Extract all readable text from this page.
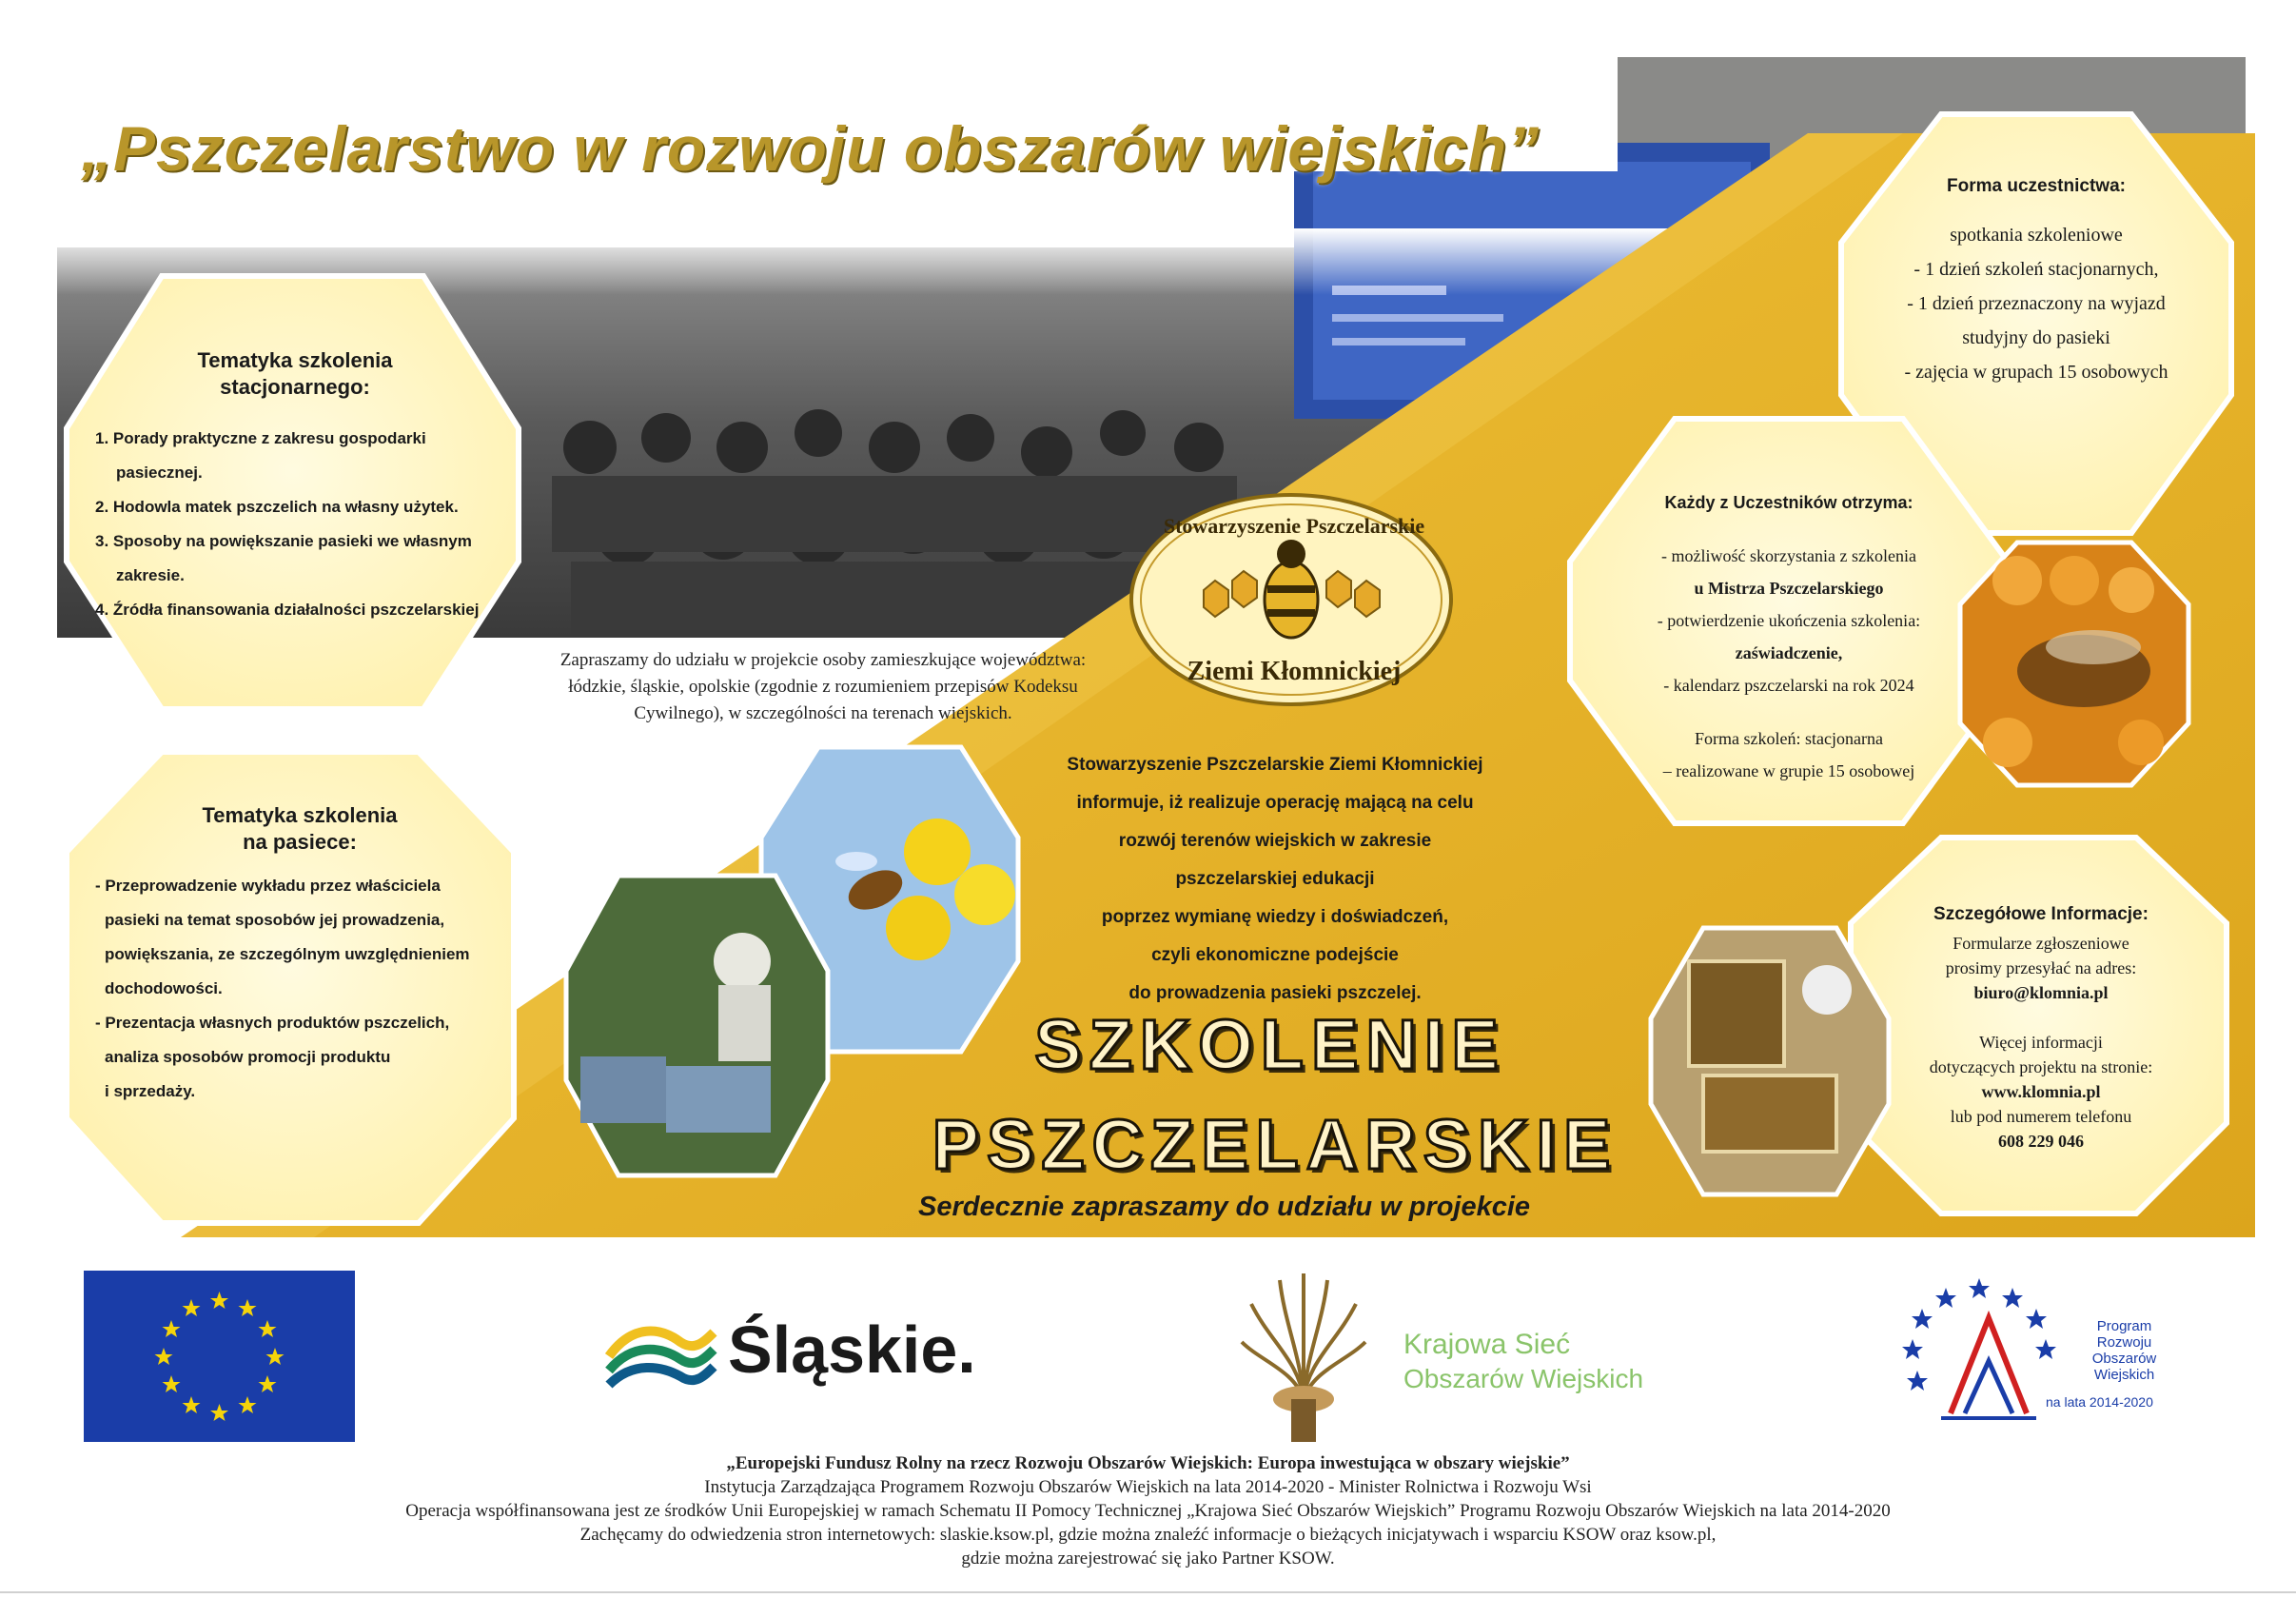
„Pszczelarstwo w rozwoju obszarów wiejskich”
Stowarzyszenie Pszczelarskie
Ziemi Kłomnickiej
Tematyka szkolenia
stacjonarnego:
1. Porady praktyczne z zakresu gospodarki
pasiecznej.
2. Hodowla matek pszczelich na własny użytek.
3. Sposoby na powiększanie pasieki we własnym
zakresie.
4. Źródła finansowania działalności pszczelarskiej
Tematyka szkolenia
na pasiece:
- Przeprowadzenie wykładu przez właściciela
pasieki na temat sposobów jej prowadzenia,
powiększania, ze szczególnym uwzględnieniem
dochodowości.
- Prezentacja własnych produktów pszczelich,
analiza sposobów promocji produktu
i sprzedaży.
Zapraszamy do udziału w projekcie osoby zamieszkujące województwa:
łódzkie, śląskie, opolskie (zgodnie z rozumieniem przepisów Kodeksu
Cywilnego), w szczególności na terenach wiejskich.
Stowarzyszenie Pszczelarskie Ziemi Kłomnickiej
informuje, iż realizuje operację mającą na celu
rozwój terenów wiejskich w zakresie
pszczelarskiej edukacji
poprzez wymianę wiedzy i doświadczeń,
czyli ekonomiczne podejście
do prowadzenia pasieki pszczelej.
Forma uczestnictwa:
spotkania szkoleniowe
- 1 dzień szkoleń stacjonarnych,
- 1 dzień przeznaczony na wyjazd
studyjny do pasieki
- zajęcia w grupach 15 osobowych
Każdy z Uczestników otrzyma:
- możliwość skorzystania z szkolenia
u Mistrza Pszczelarskiego
- potwierdzenie ukończenia szkolenia:
zaświadczenie,
- kalendarz pszczelarski na rok 2024
Forma szkoleń: stacjonarna
– realizowane w grupie 15 osobowej
Szczegółowe Informacje:
Formularze zgłoszeniowe
prosimy przesyłać na adres:
biuro@klomnia.pl
Więcej informacji
dotyczących projektu na stronie:
www.klomnia.pl
lub pod numerem telefonu
608 229 046
SZKOLENIE
PSZCZELARSKIE
Serdecznie zapraszamy do udziału w projekcie
Śląskie.	Krajowa Sieć
Obszarów Wiejskich
Program
Rozwoju
Obszarów
Wiejskich
na lata 2014-2020
„Europejski Fundusz Rolny na rzecz Rozwoju Obszarów Wiejskich: Europa inwestująca w obszary wiejskie”
Instytucja Zarządzająca Programem Rozwoju Obszarów Wiejskich na lata 2014-2020 - Minister Rolnictwa i Rozwoju Wsi
Operacja współfinansowana jest ze środków Unii Europejskiej w ramach Schematu II Pomocy Technicznej „Krajowa Sieć Obszarów Wiejskich” Programu Rozwoju Obszarów Wiejskich na lata 2014-2020
Zachęcamy do odwiedzenia stron internetowych: slaskie.ksow.pl, gdzie można znaleźć informacje o bieżących inicjatywach i wsparciu KSOW oraz ksow.pl,
gdzie można zarejestrować się jako Partner KSOW.
